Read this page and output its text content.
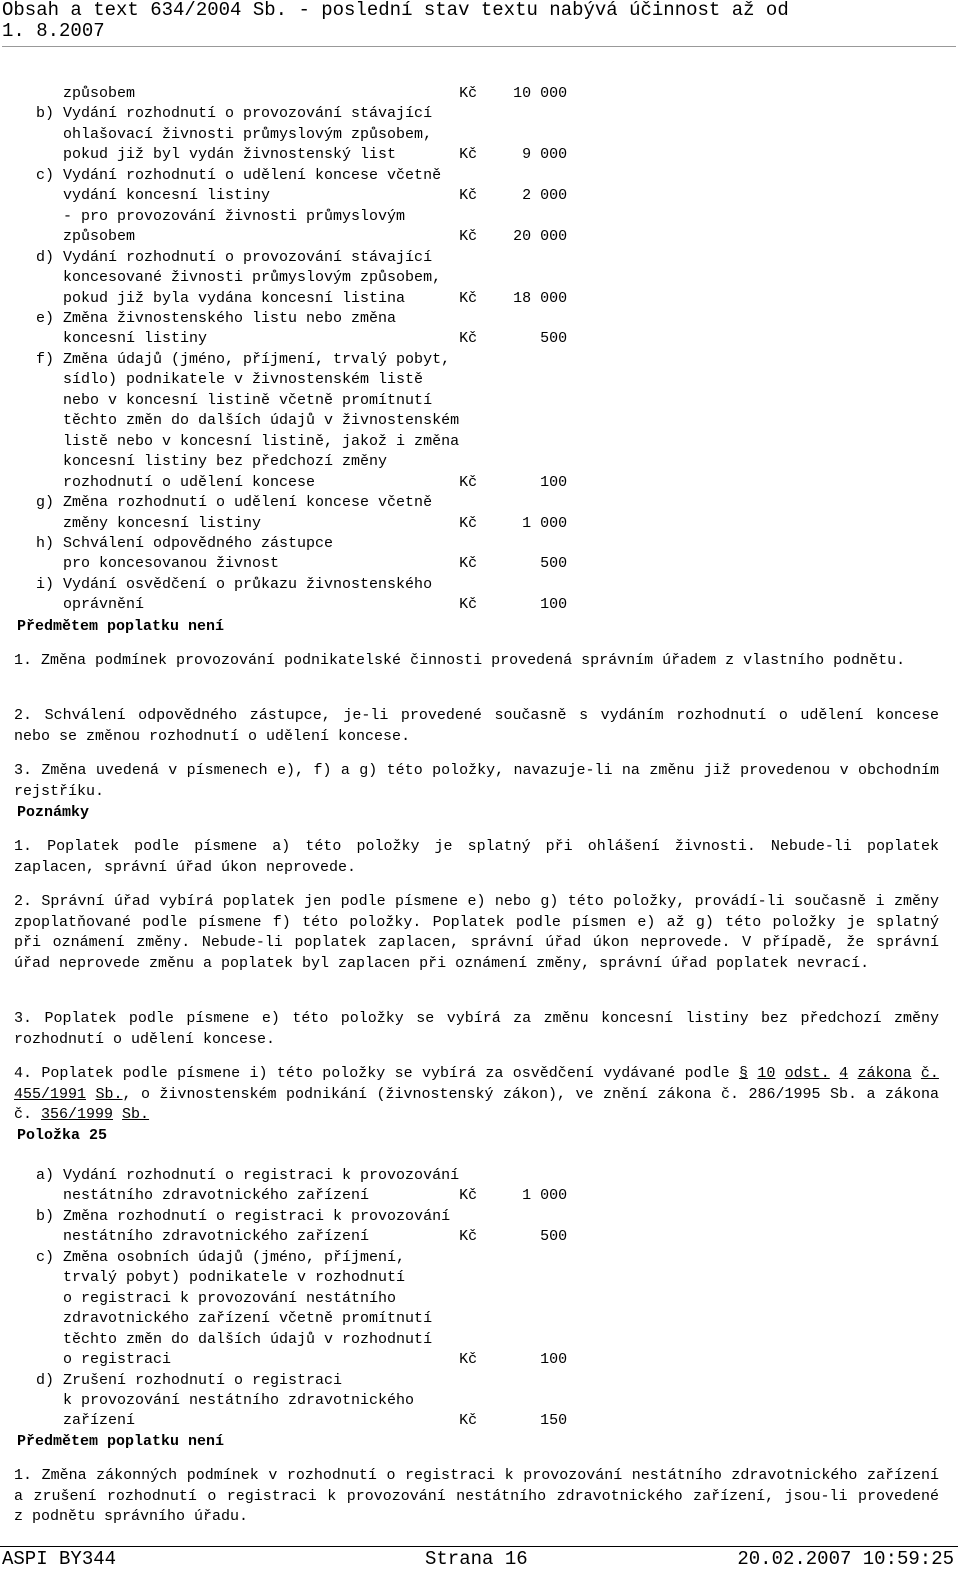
Obsah a text 634/2004 Sb. - poslední stav textu nabývá účinnost až od
1. 8.2007
způsobem                                    Kč    10 000
b) Vydání rozhodnutí o provozování stávající
ohlašovací živnosti průmyslovým způsobem,
pokud již byl vydán živnostenský list       Kč     9 000
c) Vydání rozhodnutí o udělení koncese včetně
vydání koncesní listiny                     Kč     2 000
- pro provozování živnosti průmyslovým
způsobem                                    Kč    20 000
d) Vydání rozhodnutí o provozování stávající
koncesované živnosti průmyslovým způsobem,
pokud již byla vydána koncesní listina      Kč    18 000
e) Změna živnostenského listu nebo změna
koncesní listiny                            Kč       500
f) Změna údajů (jméno, příjmení, trvalý pobyt,
sídlo) podnikatele v živnostenském listě
nebo v koncesní listině včetně promítnutí
těchto změn do dalších údajů v živnostenském
listě nebo v koncesní listině, jakož i změna
koncesní listiny bez předchozí změny
rozhodnutí o udělení koncese                Kč       100
g) Změna rozhodnutí o udělení koncese včetně
změny koncesní listiny                      Kč     1 000
h) Schválení odpovědného zástupce
pro koncesovanou živnost                    Kč       500
i) Vydání osvědčení o průkazu živnostenského
oprávnění                                   Kč       100
Předmětem poplatku není

1. Změna podmínek provozování podnikatelské činnosti provedená správním úřadem z vlastního podnětu.

2. Schválení odpovědného zástupce, je-li provedené současně s vydáním rozhodnutí o udělení koncese nebo se změnou rozhodnutí o udělení koncese.

3. Změna uvedená v písmenech e), f) a g) této položky, navazuje-li na změnu již provedenou v obchodním rejstříku.

Poznámky

1. Poplatek podle písmene a) této položky je splatný při ohlášení živnosti. Nebude-li poplatek zaplacen, správní úřad úkon neprovede.

2. Správní úřad vybírá poplatek jen podle písmene e) nebo g) této položky, provádí-li současně i změny zpoplatňované podle písmene f) této položky. Poplatek podle písmen e) až g) této položky je splatný při oznámení změny. Nebude-li poplatek zaplacen, správní úřad úkon neprovede. V případě, že správní úřad neprovede změnu a poplatek byl zaplacen při oznámení změny, správní úřad poplatek nevrací.

3. Poplatek podle písmene e) této položky se vybírá za změnu koncesní listiny bez předchozí změny rozhodnutí o udělení koncese.

4. Poplatek podle písmene i) této položky se vybírá za osvědčení vydávané podle § 10 odst. 4 zákona č. 455/1991 Sb., o živnostenském podnikání (živnostenský zákon), ve znění zákona č. 286/1995 Sb. a zákona č. 356/1999 Sb.

Položka 25
a) Vydání rozhodnutí o registraci k provozování
nestátního zdravotnického zařízení          Kč     1 000
b) Změna rozhodnutí o registraci k provozování
nestátního zdravotnického zařízení          Kč       500
c) Změna osobních údajů (jméno, příjmení,
trvalý pobyt) podnikatele v rozhodnutí
o registraci k provozování nestátního
zdravotnického zařízení včetně promítnutí
těchto změn do dalších údajů v rozhodnutí
o registraci                                Kč       100
d) Zrušení rozhodnutí o registraci
k provozování nestátního zdravotnického
zařízení                                    Kč       150
Předmětem poplatku není

1. Změna zákonných podmínek v rozhodnutí o registraci k provozování nestátního zdravotnického zařízení a zrušení rozhodnutí o registraci k provozování nestátního zdravotnického zařízení, jsou-li provedené z podnětu správního úřadu.

ASPI BY344	Strana 16	20.02.2007 10:59:25
